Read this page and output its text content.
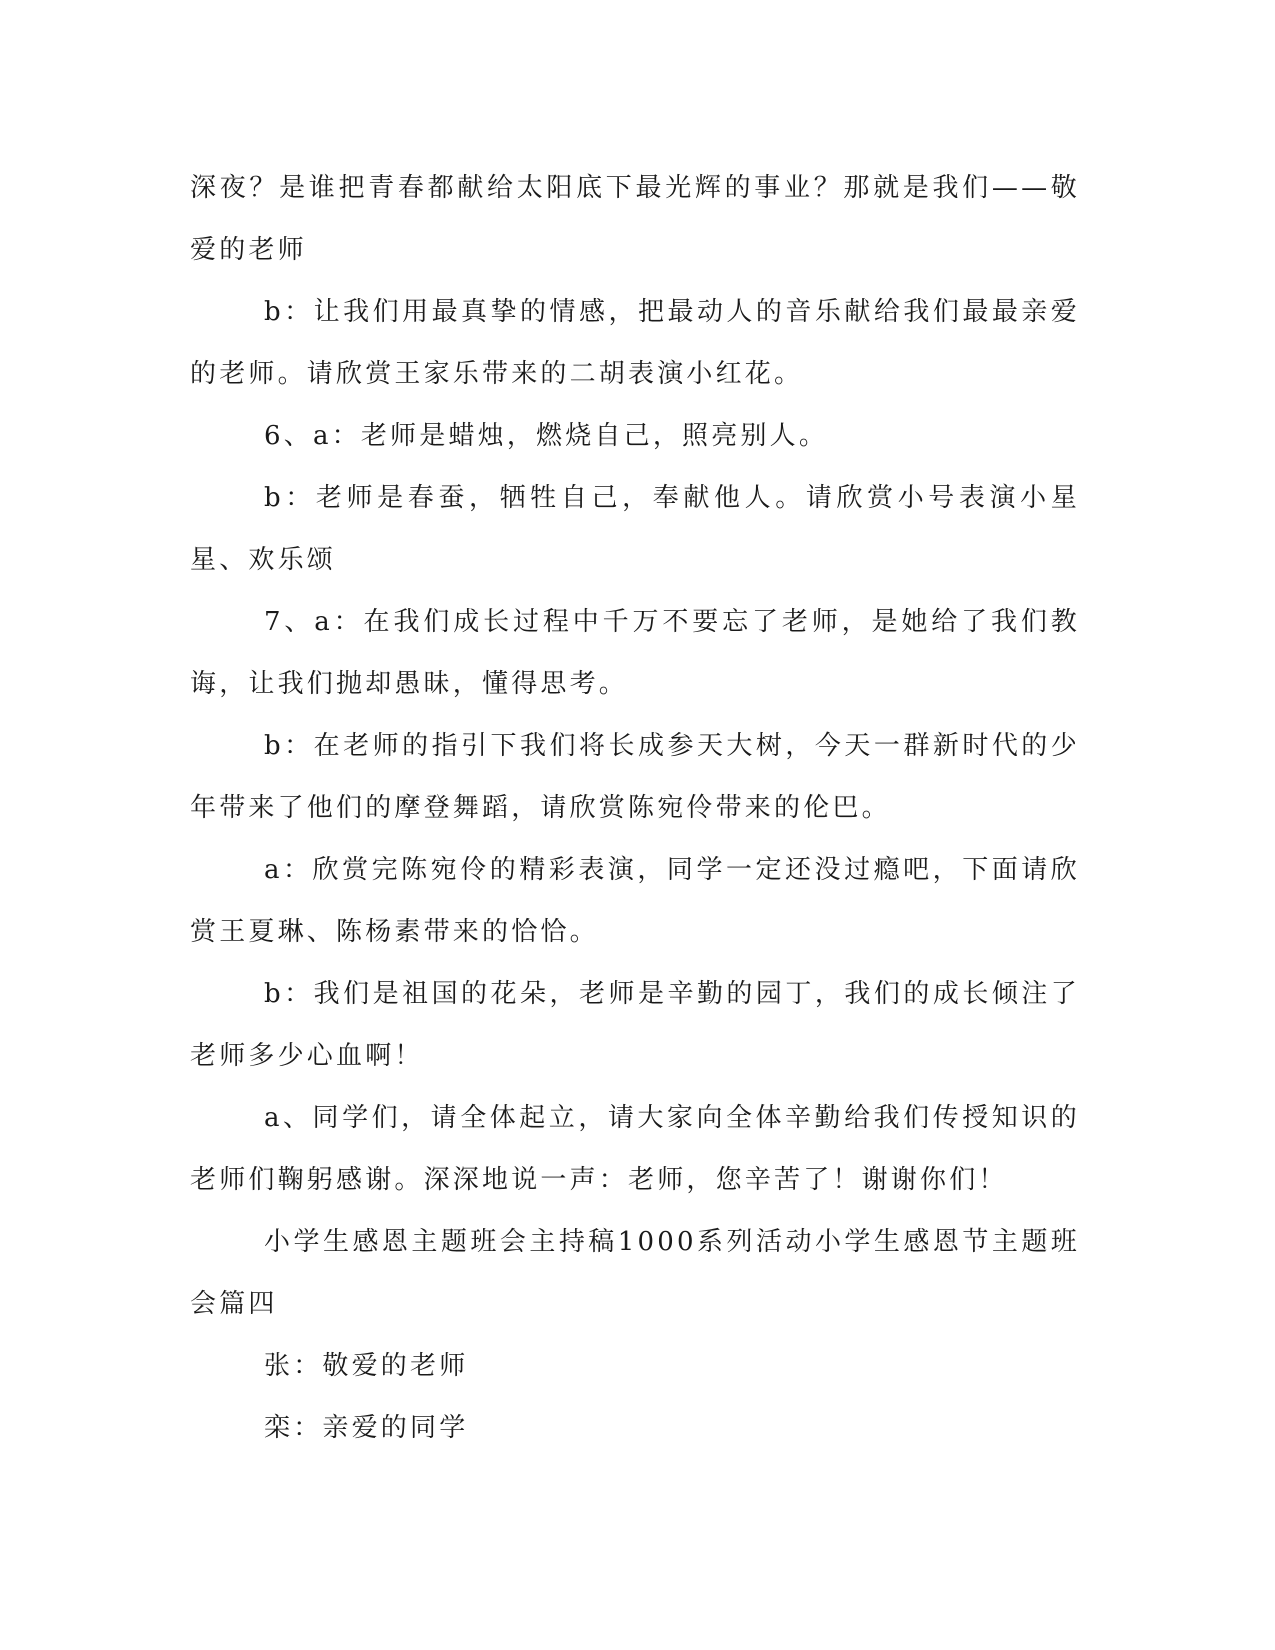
深夜？是谁把青春都献给太阳底下最光辉的事业？那就是我们——敬爱的老师

b：让我们用最真挚的情感，把最动人的音乐献给我们最最亲爱的老师。请欣赏王家乐带来的二胡表演小红花。

6、a：老师是蜡烛，燃烧自己，照亮别人。

b：老师是春蚕，牺牲自己，奉献他人。请欣赏小号表演小星星、欢乐颂

7、a：在我们成长过程中千万不要忘了老师，是她给了我们教诲，让我们抛却愚昧，懂得思考。

b：在老师的指引下我们将长成参天大树，今天一群新时代的少年带来了他们的摩登舞蹈，请欣赏陈宛伶带来的伦巴。

a：欣赏完陈宛伶的精彩表演，同学一定还没过瘾吧，下面请欣赏王夏琳、陈杨素带来的恰恰。

b：我们是祖国的花朵，老师是辛勤的园丁，我们的成长倾注了老师多少心血啊！

a、同学们，请全体起立，请大家向全体辛勤给我们传授知识的老师们鞠躬感谢。深深地说一声：老师，您辛苦了！谢谢你们！

小学生感恩主题班会主持稿1000系列活动小学生感恩节主题班会篇四

张：敬爱的老师

栾：亲爱的同学
